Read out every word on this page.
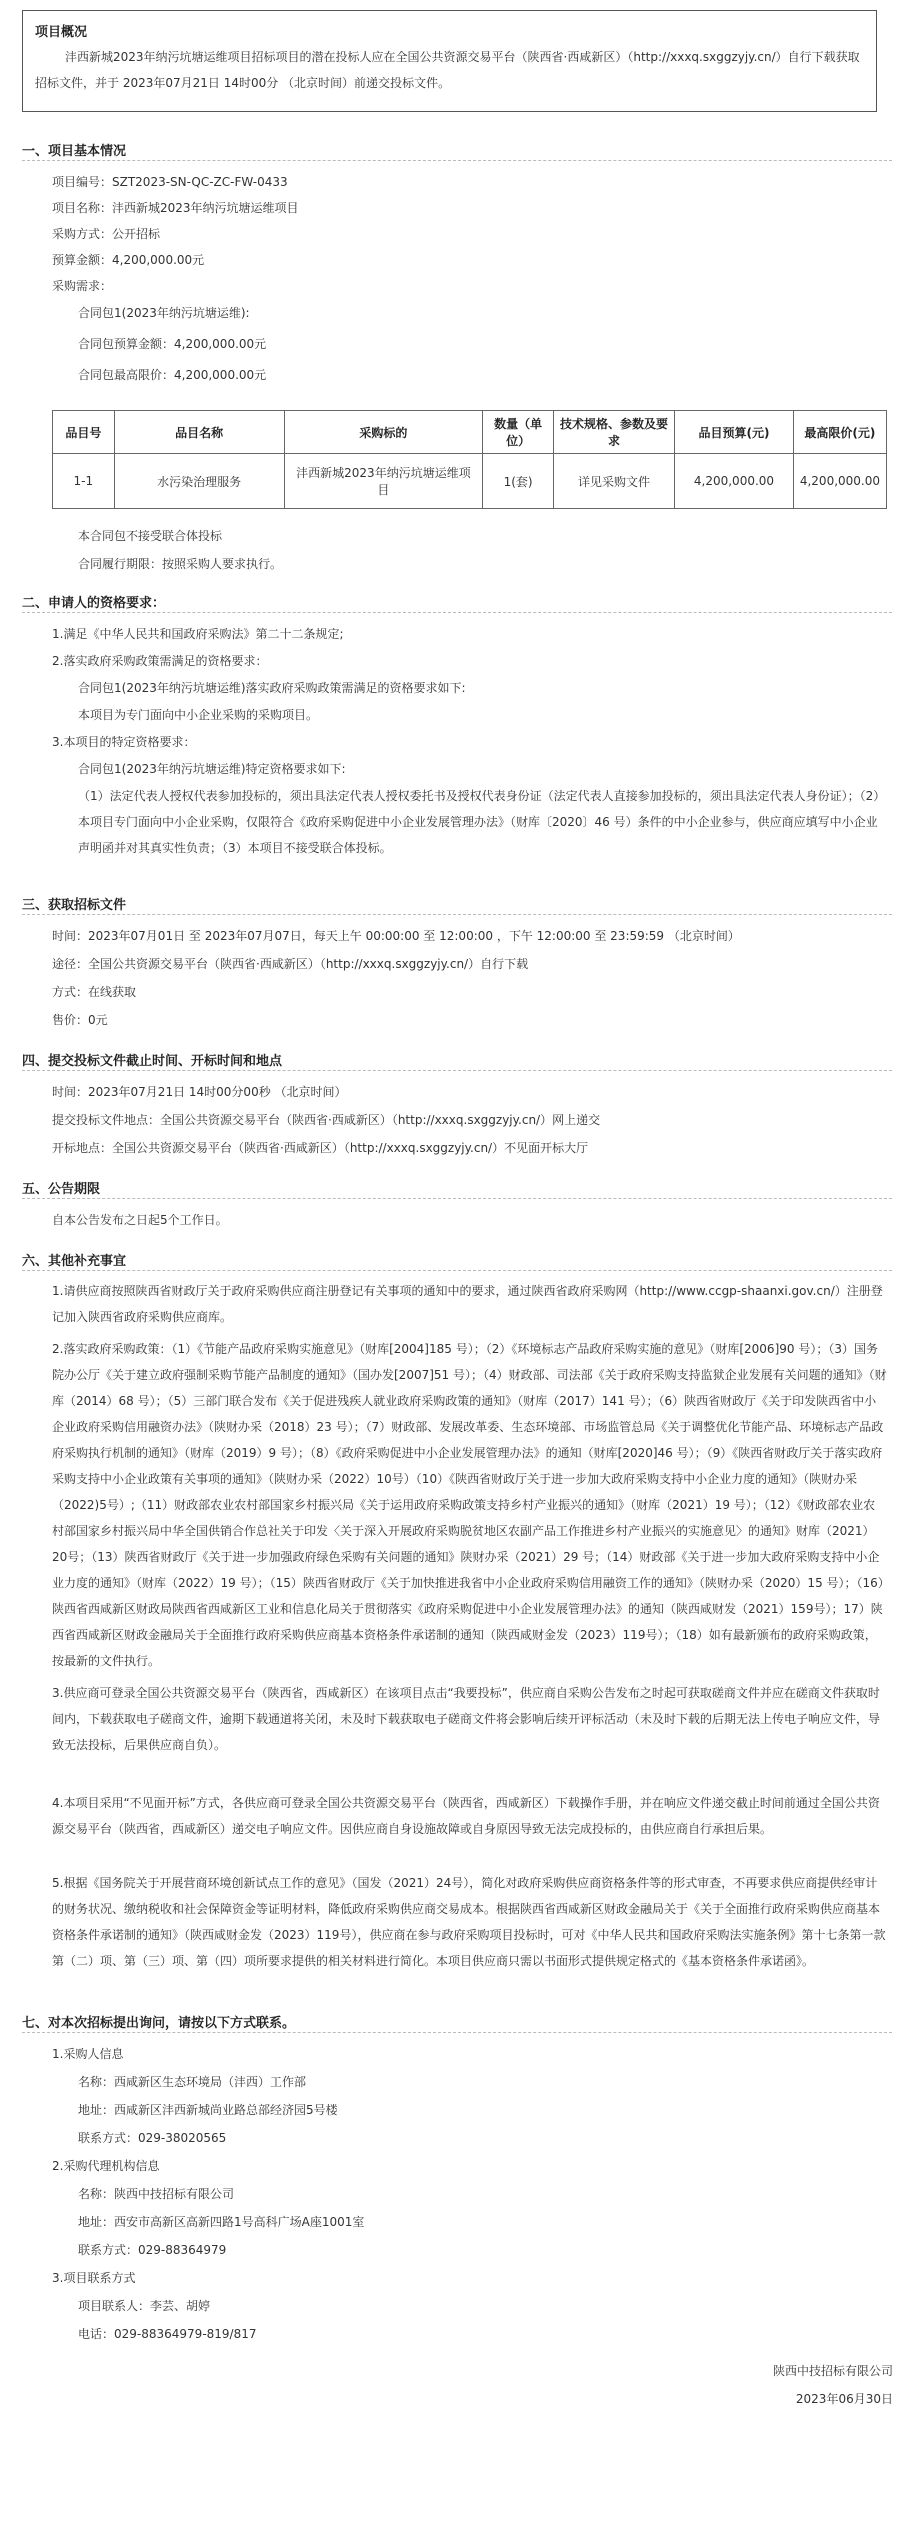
项目概况
沣西新城2023年纳污坑塘运维项目招标项目的潜在投标人应在全国公共资源交易平台（陕西省·西咸新区）（http://xxxq.sxggzyjy.cn/）自行下载获取招标文件，并于 2023年07月21日 14时00分 （北京时间）前递交投标文件。
一、项目基本情况
项目编号：SZT2023-SN-QC-ZC-FW-0433
项目名称：沣西新城2023年纳污坑塘运维项目
采购方式：公开招标
预算金额：4,200,000.00元
采购需求：
合同包1(2023年纳污坑塘运维):
合同包预算金额：4,200,000.00元
合同包最高限价：4,200,000.00元
品目号	品目名称	采购标的	数量（单位）	技术规格、参数及要求	品目预算(元)	最高限价(元)
1-1	水污染治理服务	沣西新城2023年纳污坑塘运维项目	1(套)	详见采购文件	4,200,000.00	4,200,000.00
本合同包不接受联合体投标
合同履行期限：按照采购人要求执行。
二、申请人的资格要求：
1.满足《中华人民共和国政府采购法》第二十二条规定;
2.落实政府采购政策需满足的资格要求：
合同包1(2023年纳污坑塘运维)落实政府采购政策需满足的资格要求如下:
本项目为专门面向中小企业采购的采购项目。
3.本项目的特定资格要求：
合同包1(2023年纳污坑塘运维)特定资格要求如下:
（1）法定代表人授权代表参加投标的，须出具法定代表人授权委托书及授权代表身份证（法定代表人直接参加投标的，须出具法定代表人身份证）；（2）本项目专门面向中小企业采购，仅限符合《政府采购促进中小企业发展管理办法》（财库〔2020〕46 号）条件的中小企业参与，供应商应填写中小企业声明函并对其真实性负责；（3）本项目不接受联合体投标。
三、获取招标文件
时间：2023年07月01日 至 2023年07月07日，每天上午 00:00:00 至 12:00:00 ，下午 12:00:00 至 23:59:59 （北京时间）
途径：全国公共资源交易平台（陕西省·西咸新区）（http://xxxq.sxggzyjy.cn/）自行下载
方式：在线获取
售价：0元
四、提交投标文件截止时间、开标时间和地点
时间：2023年07月21日 14时00分00秒 （北京时间）
提交投标文件地点：全国公共资源交易平台（陕西省·西咸新区）（http://xxxq.sxggzyjy.cn/）网上递交
开标地点：全国公共资源交易平台（陕西省·西咸新区）（http://xxxq.sxggzyjy.cn/）不见面开标大厅
五、公告期限
自本公告发布之日起5个工作日。
六、其他补充事宜
1.请供应商按照陕西省财政厅关于政府采购供应商注册登记有关事项的通知中的要求，通过陕西省政府采购网（http://www.ccgp-shaanxi.gov.cn/）注册登记加入陕西省政府采购供应商库。
2.落实政府采购政策：（1）《节能产品政府采购实施意见》（财库[2004]185 号）；（2）《环境标志产品政府采购实施的意见》（财库[2006]90 号）；（3）国务院办公厅《关于建立政府强制采购节能产品制度的通知》（国办发[2007]51 号）；（4）财政部、司法部《关于政府采购支持监狱企业发展有关问题的通知》（财库（2014）68 号）；（5）三部门联合发布《关于促进残疾人就业政府采购政策的通知》（财库（2017）141 号）；（6）陕西省财政厅《关于印发陕西省中小企业政府采购信用融资办法》（陕财办采（2018）23 号）；（7）财政部、发展改革委、生态环境部、市场监管总局《关于调整优化节能产品、环境标志产品政府采购执行机制的通知》（财库（2019）9 号）；（8）《政府采购促进中小企业发展管理办法》的通知（财库[2020]46 号）；（9）《陕西省财政厅关于落实政府采购支持中小企业政策有关事项的通知》（陕财办采（2022）10号）（10）《陕西省财政厅关于进一步加大政府采购支持中小企业力度的通知》（陕财办采（2022)5号）;（11）财政部农业农村部国家乡村振兴局《关于运用政府采购政策支持乡村产业振兴的通知》（财库（2021）19 号）；（12）《财政部农业农村部国家乡村振兴局中华全国供销合作总社关于印发〈关于深入开展政府采购脱贫地区农副产品工作推进乡村产业振兴的实施意见〉的通知》财库（2021）20号；（13）陕西省财政厅《关于进一步加强政府绿色采购有关问题的通知》陕财办采（2021）29 号；（14）财政部《关于进一步加大政府采购支持中小企业力度的通知》（财库（2022）19 号）；（15）陕西省财政厅《关于加快推进我省中小企业政府采购信用融资工作的通知》（陕财办采（2020）15 号）；（16）陕西省西咸新区财政局陕西省西咸新区工业和信息化局关于贯彻落实《政府采购促进中小企业发展管理办法》的通知（陕西咸财发（2021）159号）；17）陕西省西咸新区财政金融局关于全面推行政府采购供应商基本资格条件承诺制的通知（陕西咸财金发（2023）119号）；（18）如有最新颁布的政府采购政策，按最新的文件执行。
3.供应商可登录全国公共资源交易平台（陕西省，西咸新区）在该项目点击“我要投标”，供应商自采购公告发布之时起可获取磋商文件并应在磋商文件获取时间内，下载获取电子磋商文件，逾期下载通道将关闭，未及时下载获取电子磋商文件将会影响后续开评标活动（未及时下载的后期无法上传电子响应文件，导致无法投标，后果供应商自负）。
4.本项目采用“不见面开标”方式，各供应商可登录全国公共资源交易平台（陕西省，西咸新区）下载操作手册，并在响应文件递交截止时间前通过全国公共资源交易平台（陕西省，西咸新区）递交电子响应文件。因供应商自身设施故障或自身原因导致无法完成投标的，由供应商自行承担后果。
5.根据《国务院关于开展营商环境创新试点工作的意见》（国发（2021）24号），简化对政府采购供应商资格条件等的形式审查，不再要求供应商提供经审计的财务状况、缴纳税收和社会保障资金等证明材料，降低政府采购供应商交易成本。根据陕西省西咸新区财政金融局关于《关于全面推行政府采购供应商基本资格条件承诺制的通知》（陕西咸财金发（2023）119号），供应商在参与政府采购项目投标时，可对《中华人民共和国政府采购法实施条例》第十七条第一款第（二）项、第（三）项、第（四）项所要求提供的相关材料进行简化。本项目供应商只需以书面形式提供规定格式的《基本资格条件承诺函》。
七、对本次招标提出询问，请按以下方式联系。
1.采购人信息
名称：西咸新区生态环境局（沣西）工作部
地址：西咸新区沣西新城尚业路总部经济园5号楼
联系方式：029-38020565
2.采购代理机构信息
名称：陕西中技招标有限公司
地址：西安市高新区高新四路1号高科广场A座1001室
联系方式：029-88364979
3.项目联系方式
项目联系人：李芸、胡婷
电话：029-88364979-819/817
陕西中技招标有限公司
2023年06月30日
